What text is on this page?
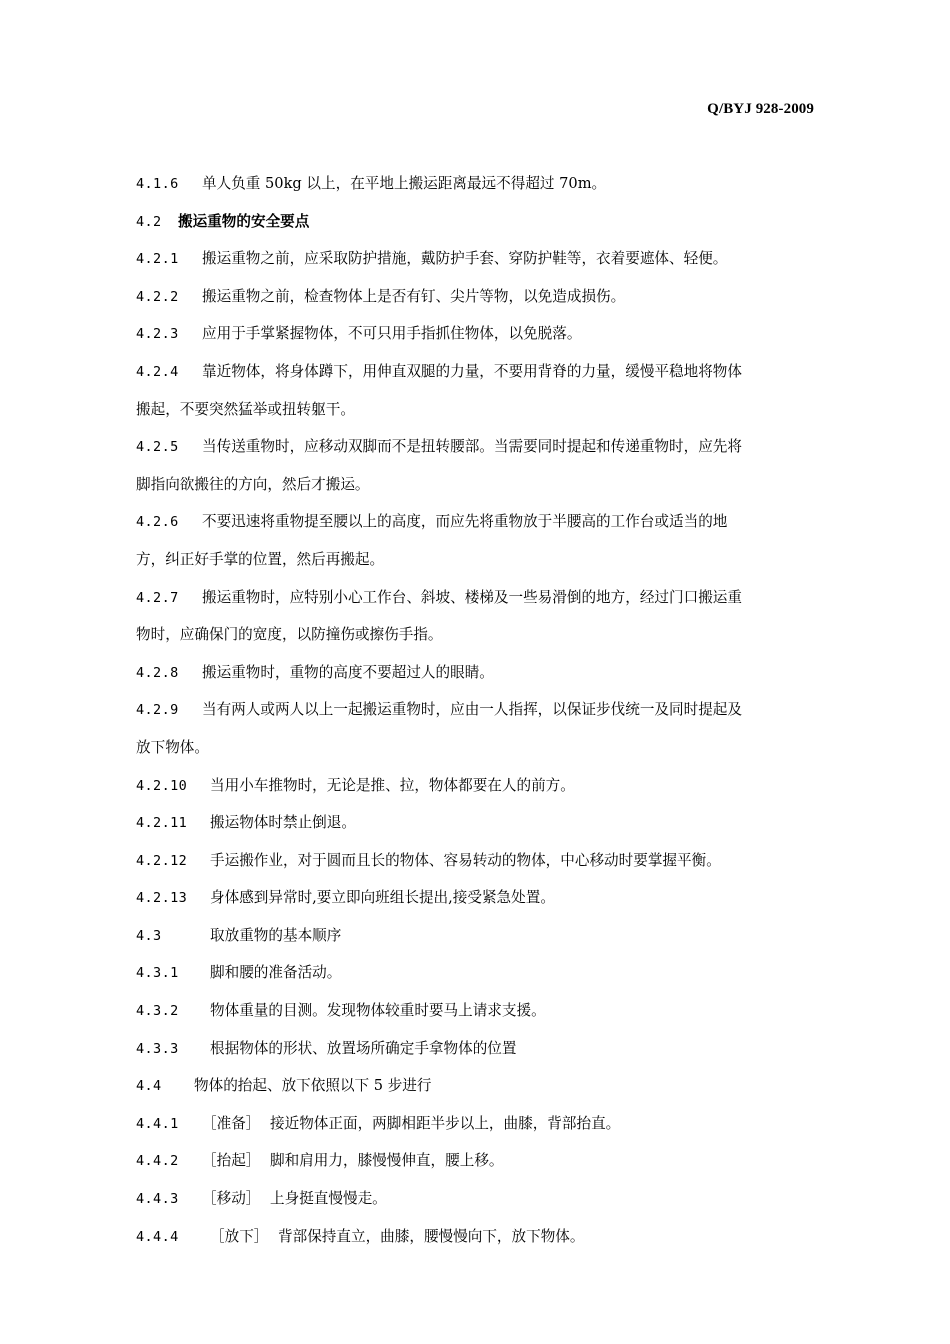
Q/BYJ 928-2009
4.1.6	单人负重 50kg 以上，在平地上搬运距离最远不得超过 70m。
4.2	搬运重物的安全要点
4.2.1	搬运重物之前，应采取防护措施，戴防护手套、穿防护鞋等，衣着要遮体、轻便。
4.2.2	搬运重物之前，检查物体上是否有钉、尖片等物，以免造成损伤。
4.2.3	应用于手掌紧握物体，不可只用手指抓住物体，以免脱落。
4.2.4	靠近物体，将身体蹲下，用伸直双腿的力量，不要用背脊的力量，缓慢平稳地将物体
搬起，不要突然猛举或扭转躯干。
4.2.5	当传送重物时，应移动双脚而不是扭转腰部。当需要同时提起和传递重物时，应先将
脚指向欲搬往的方向，然后才搬运。
4.2.6	不要迅速将重物提至腰以上的高度，而应先将重物放于半腰高的工作台或适当的地
方，纠正好手掌的位置，然后再搬起。
4.2.7	搬运重物时，应特别小心工作台、斜坡、楼梯及一些易滑倒的地方，经过门口搬运重
物时，应确保门的宽度，以防撞伤或擦伤手指。
4.2.8	搬运重物时，重物的高度不要超过人的眼睛。
4.2.9	当有两人或两人以上一起搬运重物时，应由一人指挥，以保证步伐统一及同时提起及
放下物体。
4.2.10	当用小车推物时，无论是推、拉，物体都要在人的前方。
4.2.11	搬运物体时禁止倒退。
4.2.12	手运搬作业，对于圆而且长的物体、容易转动的物体，中心移动时要掌握平衡。
4.2.13	身体感到异常时,要立即向班组长提出,接受紧急处置。
4.3	取放重物的基本顺序
4.3.1	脚和腰的准备活动。
4.3.2	物体重量的目测。发现物体较重时要马上请求支援。
4.3.3	根据物体的形状、放置场所确定手拿物体的位置
4.4	物体的抬起、放下依照以下 5 步进行
4.4.1	［准备］ 接近物体正面，两脚相距半步以上，曲膝，背部抬直。
4.4.2	［抬起］ 脚和肩用力，膝慢慢伸直，腰上移。
4.4.3	［移动］ 上身挺直慢慢走。
4.4.4	［放下］ 背部保持直立，曲膝，腰慢慢向下，放下物体。
